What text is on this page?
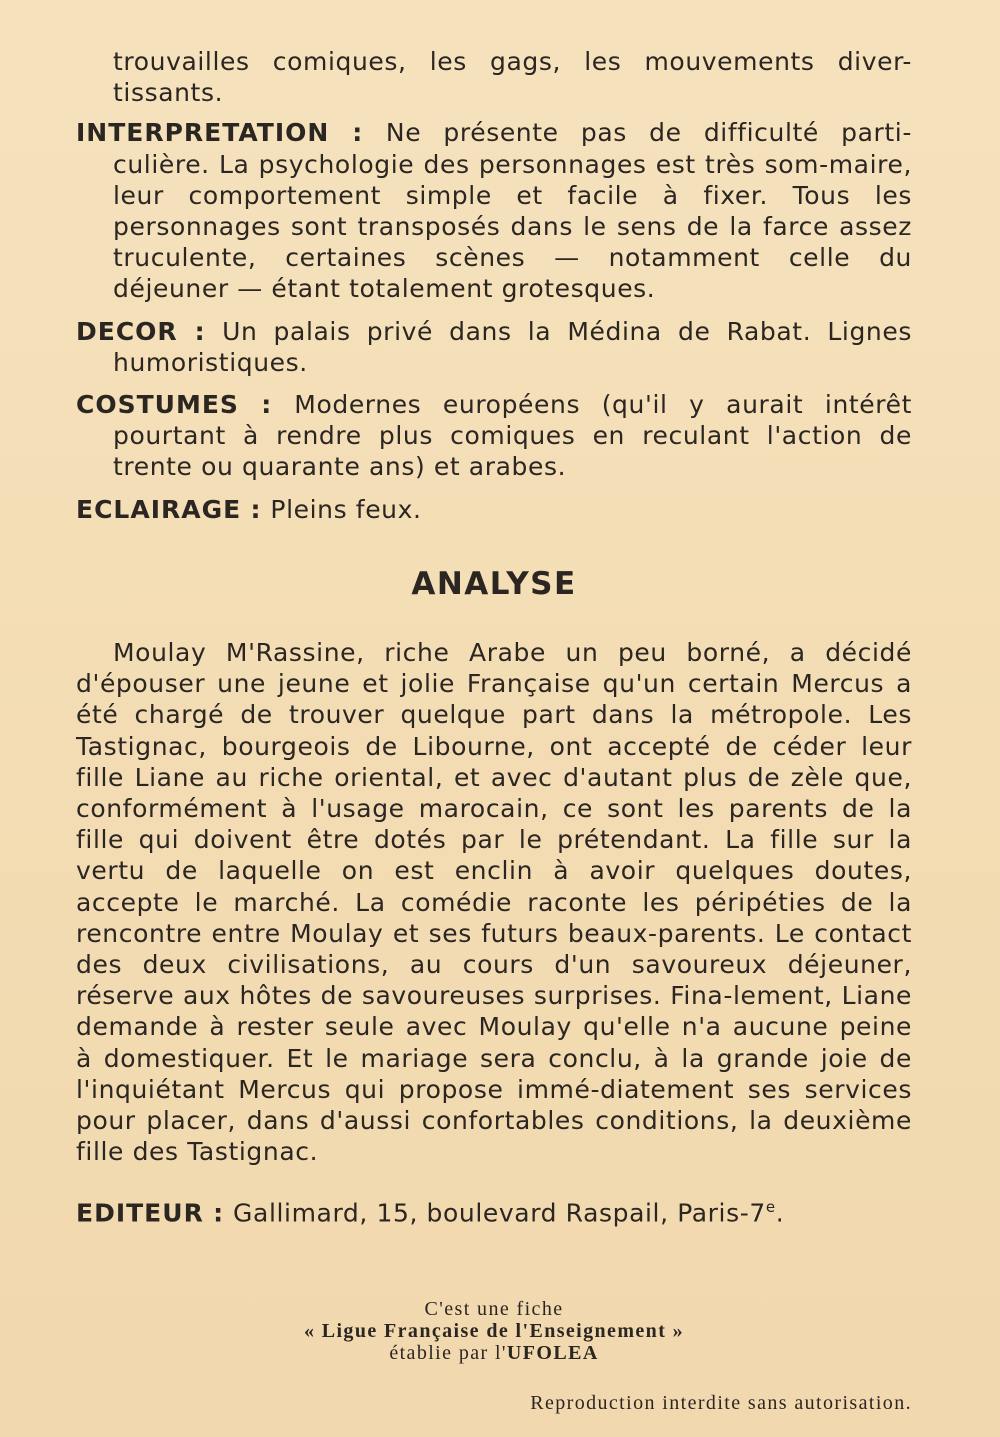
trouvailles comiques, les gags, les mouvements diver-tissants.

INTERPRETATION : Ne présente pas de difficulté parti-culière. La psychologie des personnages est très som-maire, leur comportement simple et facile à fixer. Tous les personnages sont transposés dans le sens de la farce assez truculente, certaines scènes — notamment celle du déjeuner — étant totalement grotesques.

DECOR : Un palais privé dans la Médina de Rabat. Lignes humoristiques.

COSTUMES : Modernes européens (qu'il y aurait intérêt pourtant à rendre plus comiques en reculant l'action de trente ou quarante ans) et arabes.

ECLAIRAGE : Pleins feux.

ANALYSE

Moulay M'Rassine, riche Arabe un peu borné, a décidé d'épouser une jeune et jolie Française qu'un certain Mercus a été chargé de trouver quelque part dans la métropole. Les Tastignac, bourgeois de Libourne, ont accepté de céder leur fille Liane au riche oriental, et avec d'autant plus de zèle que, conformément à l'usage marocain, ce sont les parents de la fille qui doivent être dotés par le prétendant. La fille sur la vertu de laquelle on est enclin à avoir quelques doutes, accepte le marché. La comédie raconte les péripéties de la rencontre entre Moulay et ses futurs beaux-parents. Le contact des deux civilisations, au cours d'un savoureux déjeuner, réserve aux hôtes de savoureuses surprises. Fina-lement, Liane demande à rester seule avec Moulay qu'elle n'a aucune peine à domestiquer. Et le mariage sera conclu, à la grande joie de l'inquiétant Mercus qui propose immé-diatement ses services pour placer, dans d'aussi confortables conditions, la deuxième fille des Tastignac.

EDITEUR : Gallimard, 15, boulevard Raspail, Paris-7e.

C'est une fiche
« Ligue Française de l'Enseignement »
établie par l'UFOLEA
Reproduction interdite sans autorisation.
